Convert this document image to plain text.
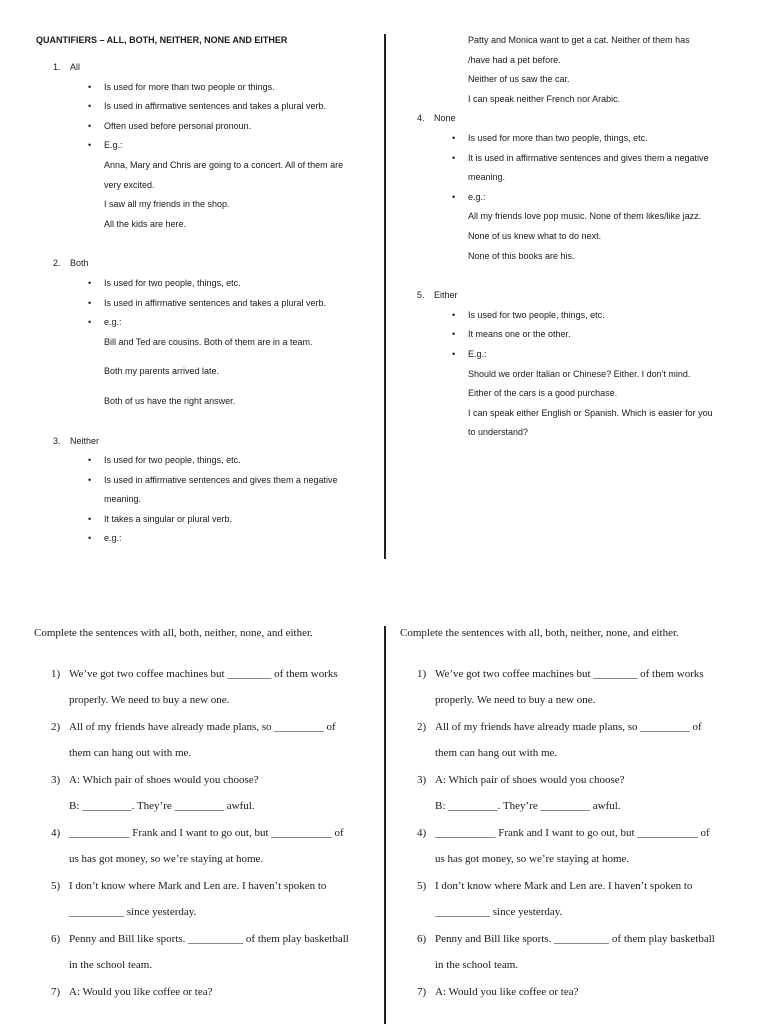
QUANTIFIERS – ALL, BOTH, NEITHER, NONE AND EITHER
1. All
• Is used for more than two people or things.
• Is used in affirmative sentences and takes a plural verb.
• Often used before personal pronoun.
• E.g.:
Anna, Mary and Chris are going to a concert. All of them are
very excited.
I saw all my friends in the shop.
All the kids are here.
2. Both
• Is used for two people, things, etc.
• Is used in affirmative sentences and takes a plural verb.
• e.g.:
Bill and Ted are cousins. Both of them are in a team.
Both my parents arrived late.
Both of us have the right answer.
3. Neither
• Is used for two people, things, etc.
• Is used in affirmative sentences and gives them a negative
meaning.
• It takes a singular or plural verb.
• e.g.:
Patty and Monica want to get a cat. Neither of them has
/have had a pet before.
Neither of us saw the car.
I can speak neither French nor Arabic.
4. None
• Is used for more than two people, things, etc.
• It is used in affirmative sentences and gives them a negative
meaning.
• e.g.:
All my friends love pop music. None of them likes/like jazz.
None of us knew what to do next.
None of this books are his.
5. Either
• Is used for two people, things, etc.
• It means one or the other.
• E.g.:
Should we order Italian or Chinese? Either. I don't mind.
Either of the cars is a good purchase.
I can speak either English or Spanish. Which is easier for you
to understand?
Complete the sentences with all, both, neither, none, and either.
1) We’ve got two coffee machines but ________ of them works
properly. We need to buy a new one.
2) All of my friends have already made plans, so _________ of
them can hang out with me.
3) A: Which pair of shoes would you choose?
B: _________. They’re _________ awful.
4) ___________ Frank and I want to go out, but ___________ of
us has got money, so we’re staying at home.
5) I don’t know where Mark and Len are. I haven’t spoken to
__________ since yesterday.
6) Penny and Bill like sports. __________ of them play basketball
in the school team.
7) A: Would you like coffee or tea?
Complete the sentences with all, both, neither, none, and either.
1) We’ve got two coffee machines but ________ of them works
properly. We need to buy a new one.
2) All of my friends have already made plans, so _________ of
them can hang out with me.
3) A: Which pair of shoes would you choose?
B: _________. They’re _________ awful.
4) ___________ Frank and I want to go out, but ___________ of
us has got money, so we’re staying at home.
5) I don’t know where Mark and Len are. I haven’t spoken to
__________ since yesterday.
6) Penny and Bill like sports. __________ of them play basketball
in the school team.
7) A: Would you like coffee or tea?
